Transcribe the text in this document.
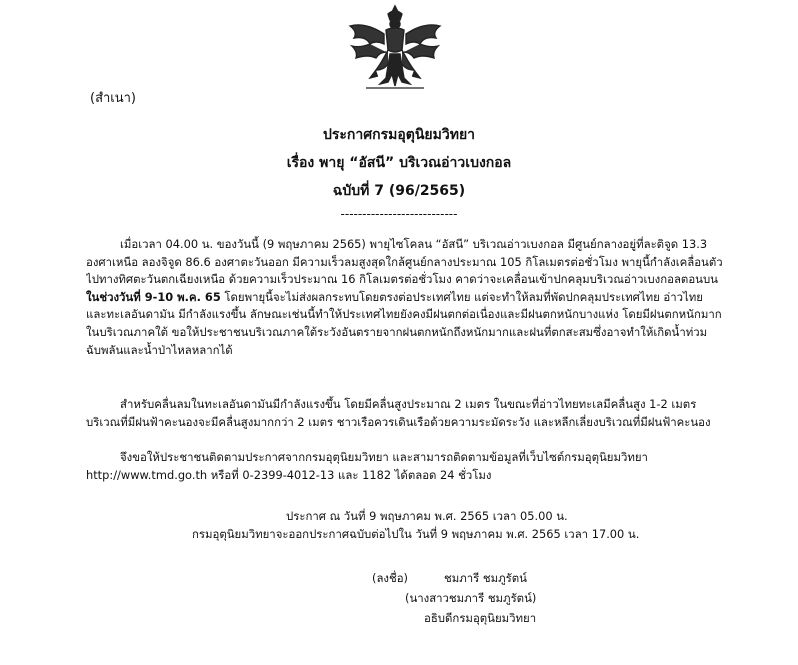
(สำเนา)
ประกาศกรมอุตุนิยมวิทยา
เรื่อง พายุ “อัสนี” บริเวณอ่าวเบงกอล
ฉบับที่ 7 (96/2565)
---------------------------
เมื่อเวลา 04.00 น. ของวันนี้ (9 พฤษภาคม 2565) พายุไซโคลน “อัสนี” บริเวณอ่าวเบงกอล มีศูนย์กลางอยู่ที่ละติจูด 13.3
องศาเหนือ ลองจิจูด 86.6 องศาตะวันออก มีความเร็วลมสูงสุดใกล้ศูนย์กลางประมาณ 105 กิโลเมตรต่อชั่วโมง พายุนี้กำลังเคลื่อนตัว
ไปทางทิศตะวันตกเฉียงเหนือ ด้วยความเร็วประมาณ 16 กิโลเมตรต่อชั่วโมง คาดว่าจะเคลื่อนเข้าปกคลุมบริเวณอ่าวเบงกอลตอนบน
ในช่วงวันที่ 9-10 พ.ค. 65 โดยพายุนี้จะไม่ส่งผลกระทบโดยตรงต่อประเทศไทย แต่จะทำให้ลมที่พัดปกคลุมประเทศไทย อ่าวไทย
และทะเลอันดามัน มีกำลังแรงขึ้น ลักษณะเช่นนี้ทำให้ประเทศไทยยังคงมีฝนตกต่อเนื่องและมีฝนตกหนักบางแห่ง โดยมีฝนตกหนักมาก
ในบริเวณภาคใต้ ขอให้ประชาชนบริเวณภาคใต้ระวังอันตรายจากฝนตกหนักถึงหนักมากและฝนที่ตกสะสมซึ่งอาจทำให้เกิดน้ำท่วม
ฉับพลันและน้ำป่าไหลหลากได้
สำหรับคลื่นลมในทะเลอันดามันมีกำลังแรงขึ้น โดยมีคลื่นสูงประมาณ 2 เมตร ในขณะที่อ่าวไทยทะเลมีคลื่นสูง 1-2 เมตร
บริเวณที่มีฝนฟ้าคะนองจะมีคลื่นสูงมากกว่า 2 เมตร ชาวเรือควรเดินเรือด้วยความระมัดระวัง และหลีกเลี่ยงบริเวณที่มีฝนฟ้าคะนอง
จึงขอให้ประชาชนติดตามประกาศจากกรมอุตุนิยมวิทยา และสามารถติดตามข้อมูลที่เว็บไซต์กรมอุตุนิยมวิทยา
http://www.tmd.go.th หรือที่ 0-2399-4012-13 และ 1182 ได้ตลอด 24 ชั่วโมง
ประกาศ ณ วันที่ 9 พฤษภาคม พ.ศ. 2565 เวลา 05.00 น.
กรมอุตุนิยมวิทยาจะออกประกาศฉบับต่อไปใน วันที่ 9 พฤษภาคม พ.ศ. 2565 เวลา 17.00 น.
(ลงชื่อ)	ชมภารี ชมภูรัตน์
(นางสาวชมภารี ชมภูรัตน์)
อธิบดีกรมอุตุนิยมวิทยา
